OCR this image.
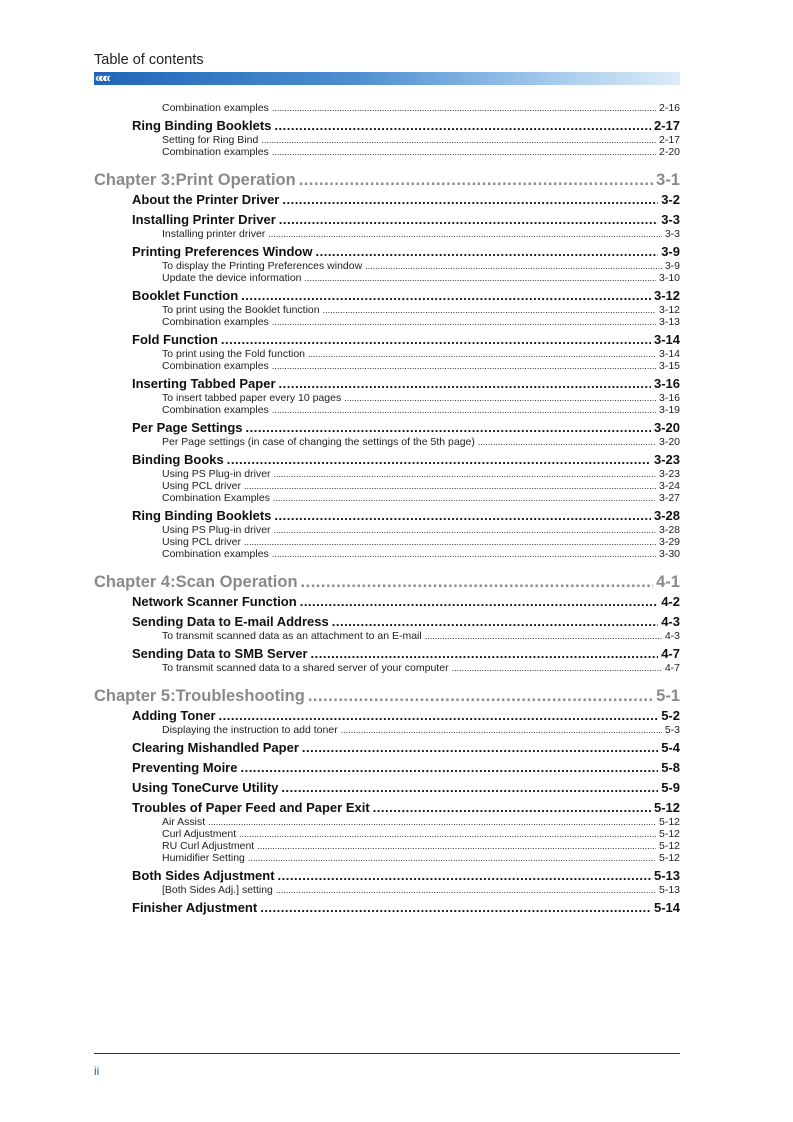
Table of contents
«««
Combination examples .....	2-16
Ring Binding Booklets .....	2-17
Setting for Ring Bind .....	2-17
Combination examples .....	2-20
Chapter 3:Print Operation .....	3-1
About the Printer Driver .....	3-2
Installing Printer Driver .....	3-3
Installing printer driver .....	3-3
Printing Preferences Window .....	3-9
To display the Printing Preferences window .....	3-9
Update the device information .....	3-10
Booklet Function .....	3-12
To print using the Booklet function .....	3-12
Combination examples .....	3-13
Fold Function .....	3-14
To print using the Fold function .....	3-14
Combination examples .....	3-15
Inserting Tabbed Paper .....	3-16
To insert tabbed paper every 10 pages .....	3-16
Combination examples .....	3-19
Per Page Settings .....	3-20
Per Page settings (in case of changing the settings of the 5th page) .....	3-20
Binding Books .....	3-23
Using PS Plug-in driver .....	3-23
Using PCL driver .....	3-24
Combination Examples .....	3-27
Ring Binding Booklets .....	3-28
Using PS Plug-in driver .....	3-28
Using PCL driver .....	3-29
Combination examples .....	3-30
Chapter 4:Scan Operation .....	4-1
Network Scanner Function .....	4-2
Sending Data to E-mail Address .....	4-3
To transmit scanned data as an attachment to an E-mail .....	4-3
Sending Data to SMB Server .....	4-7
To transmit scanned data to a shared server of your computer .....	4-7
Chapter 5:Troubleshooting .....	5-1
Adding Toner .....	5-2
Displaying the instruction to add toner .....	5-3
Clearing Mishandled Paper .....	5-4
Preventing Moire .....	5-8
Using ToneCurve Utility .....	5-9
Troubles of Paper Feed and Paper Exit .....	5-12
Air Assist .....	5-12
Curl Adjustment .....	5-12
RU Curl Adjustment .....	5-12
Humidifier Setting .....	5-12
Both Sides Adjustment .....	5-13
[Both Sides Adj.] setting .....	5-13
Finisher Adjustment .....	5-14
ii
